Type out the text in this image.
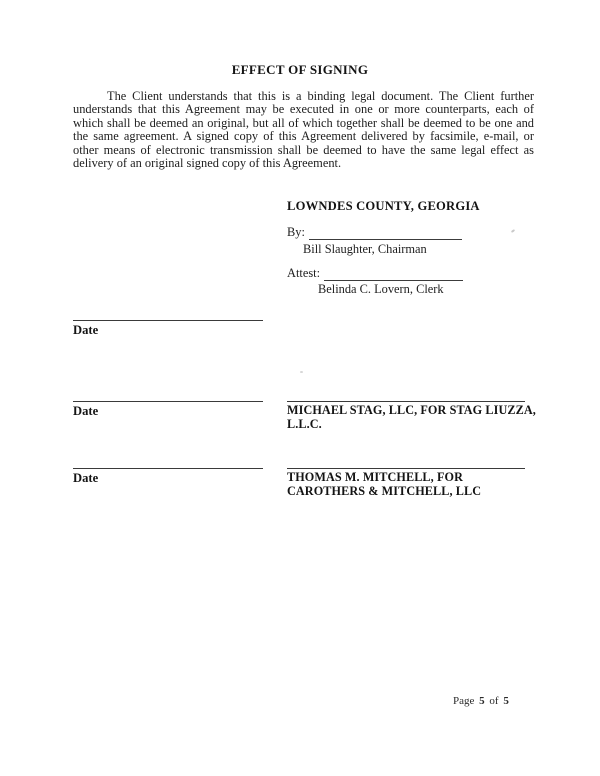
EFFECT OF SIGNING
The Client understands that this is a binding legal document. The Client further understands that this Agreement may be executed in one or more counterparts, each of which shall be deemed an original, but all of which together shall be deemed to be one and the same agreement. A signed copy of this Agreement delivered by facsimile, e-mail, or other means of electronic transmission shall be deemed to have the same legal effect as delivery of an original signed copy of this Agreement.
LOWNDES COUNTY, GEORGIA
By:
Bill Slaughter, Chairman
Attest:
Belinda C. Lovern, Clerk
Date
Date	MICHAEL STAG, LLC, FOR STAG LIUZZA, L.L.C.
Date	THOMAS M. MITCHELL, FOR CAROTHERS & MITCHELL, LLC
Page 5 of 5
